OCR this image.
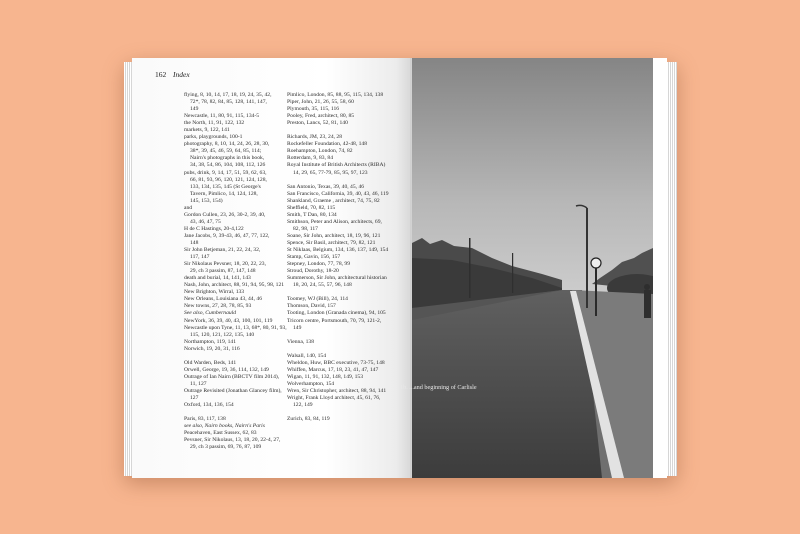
162 Index
flying, 8, 10, 14, 17, 18, 19, 24, 35, 42,
72*, 78, 82, 84, 85, 128, 141, 147,
149
Newcastle, 11, 80, 91, 115, 134-5
the North, 11, 91, 122, 132
markets, 9, 122, 141
parks, playgrounds, 100-1
photography, 8, 10, 14, 24, 26, 28, 30,
38*, 39, 45, 46, 59, 64, 85, 114;
Nairn's photographs in this book,
34, 38, 54, 86, 104, 108, 112, 126
pubs, drink, 9, 14, 17, 51, 59, 62, 63,
66, 81, 93, 96, 120, 121, 124, 128,
133, 134, 135, 145 (St George's
Tavern, Pimlico, 14, 124, 128,
145, 153, 154)
and
Gordon Cullen, 23, 26, 30-2, 39, 40,
43, 46, 47, 75
H de C Hastings, 20-4,122
Jane Jacobs, 9, 39-43, 46, 47, 77, 122,
148
Sir John Betjeman, 21, 22, 24, 32,
117, 147
Sir Nikolaus Pevsner, 18, 20, 22, 23,
29, ch 3 passim, 87, 147, 148
death and burial, 14, 141, 143
Nash, John, architect, 88, 91, 94, 95, 98, 121
New Brighton, Wirral, 133
New Orleans, Louisiana 43, 44, 46
New towns, 27, 28, 78, 85, 93
See also, Cumbernauld
NewYork, 36, 39, 40, 43, 100, 101, 119
Newcastle upon Tyne, 11, 13, 68*, 80, 91, 93,
115, 120, 121, 122, 135, 140
Northampton, 119, 141
Norwich, 19, 20, 31, 116
Old Warden, Beds, 141
Orwell, George, 19, 36, 114, 132, 149
Outrage of Ian Nairn (BBCTV film 2014),
11, 127
Outrage Revisited (Jonathan Glancey film),
127
Oxford, 134, 136, 154
Paris, 83, 117, 138
see also, Nairn books, Nairn's Paris
Peacehaven, East Sussex, 62, 83
Pevsner, Sir Nikolaus, 13, 18, 20, 22-4, 27,
29, ch 3 passim, 69, 76, 87, 109
Pimlico, London, 85, 88, 95, 115, 134, 138
Piper, John, 21, 26, 55, 58, 60
Plymouth, 35, 115, 116
Pooley, Fred, architect, 80, 85
Preston, Lancs, 52, 81, 140
Richards, JM, 23, 24, 28
Rockefeller Foundation, 42-48, 148
Roehampton, London, 74, 82
Rotterdam, 9, 83, 84
Royal Institute of British Architects (RIBA)
14, 29, 65, 77-79, 85, 95, 97, 123
San Antonio, Texas, 39, 40, 45, 46
San Francisco, California, 39, 40, 43, 46, 119
Shankland, Graeme , architect, 74, 75, 82
Sheffield, 70, 82, 115
Smith, T Dan, 80, 134
Smithson, Peter and Alison, architects, 69,
82, 98, 117
Soane, Sir John, architect, 18, 19, 96, 121
Spence, Sir Basil, architect, 79, 82, 121
St Niklaas, Belgium, 134, 136, 137, 149, 154
Stamp, Gavin, 156, 157
Stepney, London, 77, 78, 99
Stroud, Dorothy, 18-20
Summerson, Sir John, architectural historian
18, 20, 24, 55, 57, 96, 148
Toomey, WJ (Bill), 24, 114
Thomson, David, 157
Tooting, London (Granada cinema), 94, 105
Tricorn centre, Portsmouth, 70, 79, 121-2,
149
Vienna, 138
Walsall, 140, 154
Wheldon, Huw, BBC executive, 73-75, 148
Whiffen, Marcus, 17, 18, 23, 41, 47, 147
Wigan, 11, 91, 132, 148, 149, 153
Wolverhampton, 154
Wren, Sir Christopher, architect, 88, 94, 141
Wright, Frank Lloyd architect, 45, 61, 76,
122, 149
Zurich, 83, 84, 119
1b. ...and beginning of Carlisle
